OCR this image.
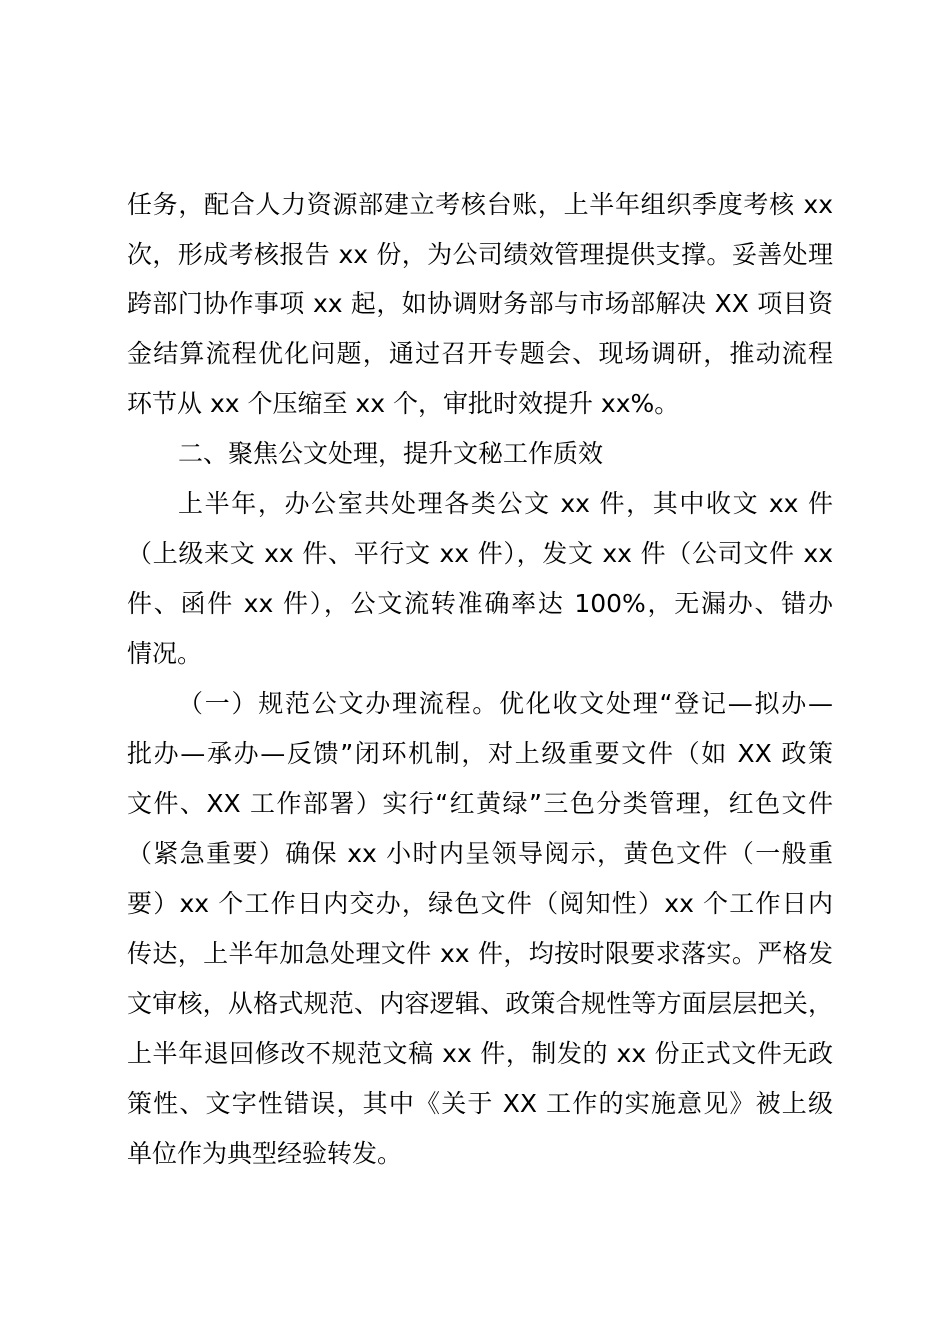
任务，配合人力资源部建立考核台账，上半年组织季度考核 xx
次，形成考核报告 xx 份，为公司绩效管理提供支撑。妥善处理
跨部门协作事项 xx 起，如协调财务部与市场部解决 XX 项目资
金结算流程优化问题，通过召开专题会、现场调研，推动流程
环节从 xx 个压缩至 xx 个，审批时效提升 xx%。
二、聚焦公文处理，提升文秘工作质效
上半年，办公室共处理各类公文 xx 件，其中收文 xx 件
（上级来文 xx 件、平行文 xx 件），发文 xx 件（公司文件 xx
件、函件 xx 件），公文流转准确率达 100%，无漏办、错办
情况。
（一）规范公文办理流程。优化收文处理“登记—拟办—
批办—承办—反馈”闭环机制，对上级重要文件（如 XX 政策
文件、XX 工作部署）实行“红黄绿”三色分类管理，红色文件
（紧急重要）确保 xx 小时内呈领导阅示，黄色文件（一般重
要）xx 个工作日内交办，绿色文件（阅知性）xx 个工作日内
传达，上半年加急处理文件 xx 件，均按时限要求落实。严格发
文审核，从格式规范、内容逻辑、政策合规性等方面层层把关，
上半年退回修改不规范文稿 xx 件，制发的 xx 份正式文件无政
策性、文字性错误，其中《关于 XX 工作的实施意见》被上级
单位作为典型经验转发。
